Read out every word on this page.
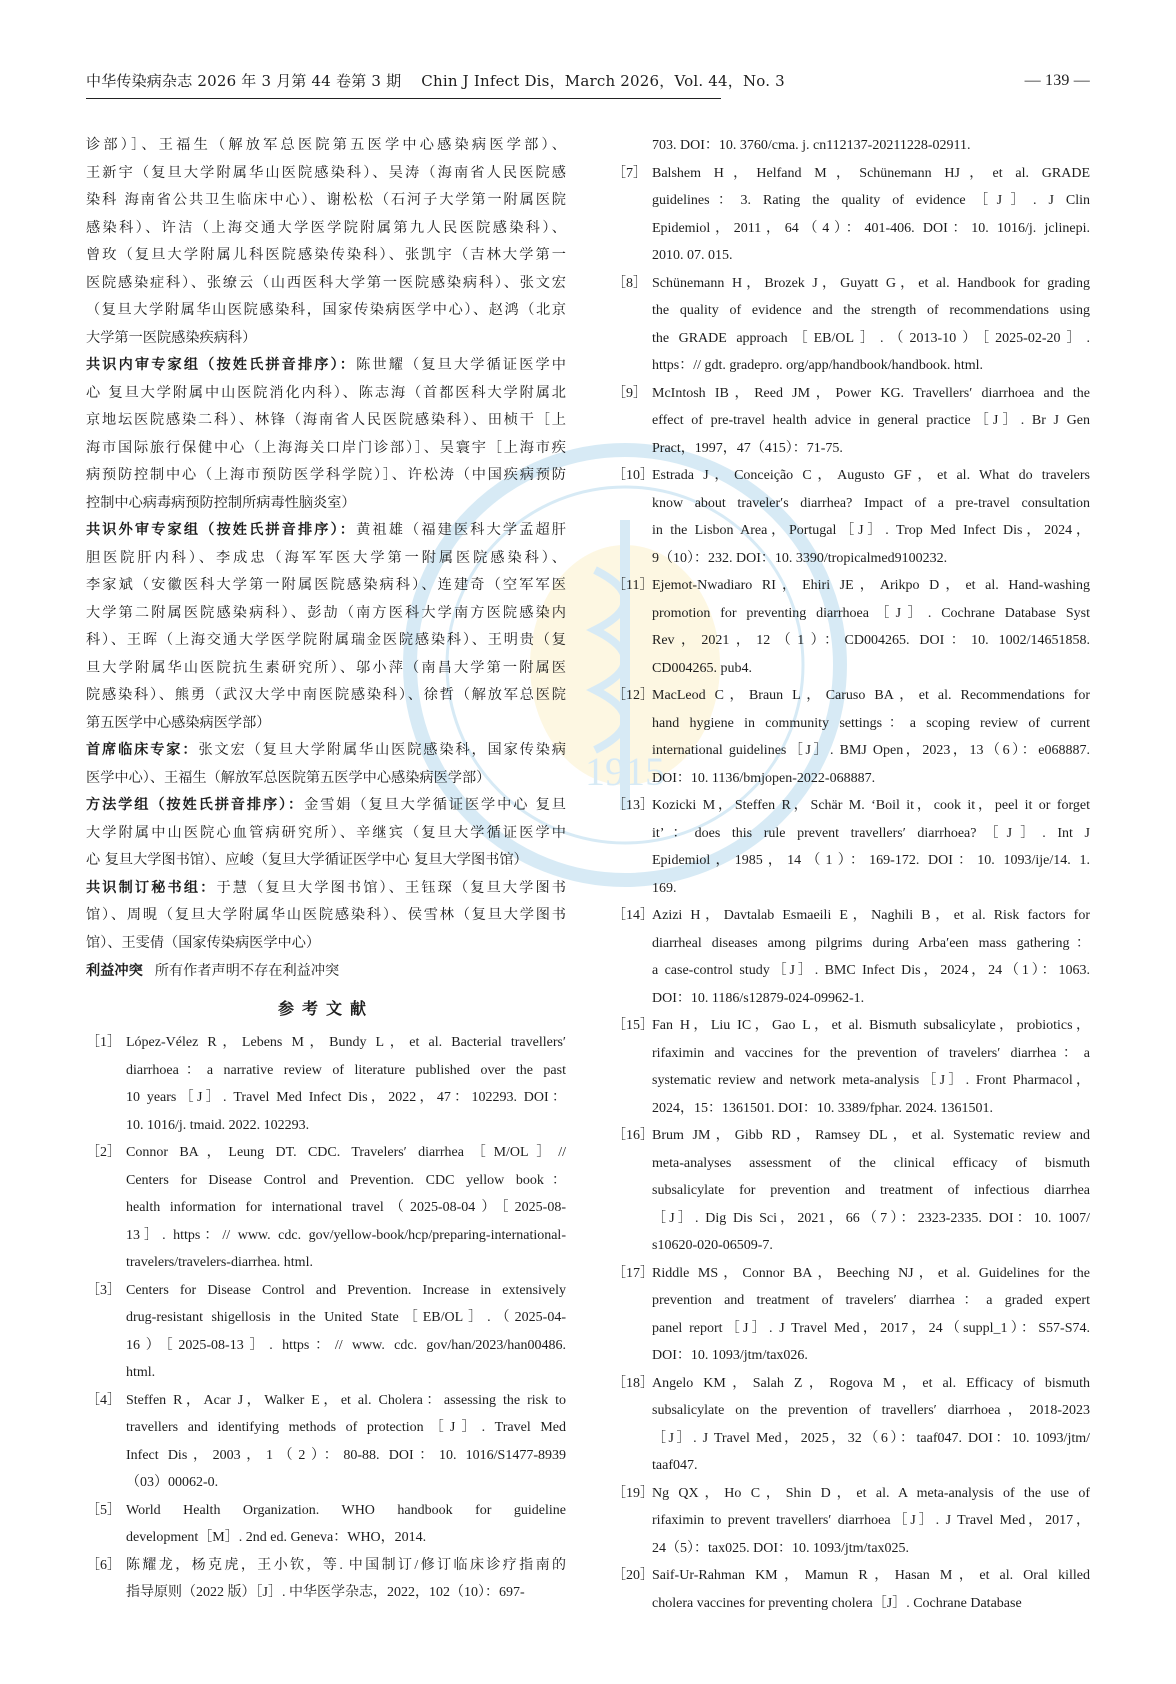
中华传染病杂志 2026 年 3 月第 44 卷第 3 期 Chin J Infect Dis，March 2026，Vol. 44，No. 3	— 139 —
1915
诊部）］、王福生（解放军总医院第五医学中心感染病医学部）、
王新宇（复旦大学附属华山医院感染科）、吴涛（海南省人民医院感
染科 海南省公共卫生临床中心）、谢松松（石河子大学第一附属医院
感染科）、许洁（上海交通大学医学院附属第九人民医院感染科）、
曾玫（复旦大学附属儿科医院感染传染科）、张凯宇（吉林大学第一
医院感染症科）、张缭云（山西医科大学第一医院感染病科）、张文宏
（复旦大学附属华山医院感染科，国家传染病医学中心）、赵鸿（北京
大学第一医院感染疾病科）
共识内审专家组（按姓氏拼音排序）：陈世耀（复旦大学循证医学中
心 复旦大学附属中山医院消化内科）、陈志海（首都医科大学附属北
京地坛医院感染二科）、林锋（海南省人民医院感染科）、田桢干［上
海市国际旅行保健中心（上海海关口岸门诊部）］、吴寰宇［上海市疾
病预防控制中心（上海市预防医学科学院）］、许松涛（中国疾病预防
控制中心病毒病预防控制所病毒性脑炎室）
共识外审专家组（按姓氏拼音排序）：黄祖雄（福建医科大学孟超肝
胆医院肝内科）、李成忠（海军军医大学第一附属医院感染科）、
李家斌（安徽医科大学第一附属医院感染病科）、连建奇（空军军医
大学第二附属医院感染病科）、彭劼（南方医科大学南方医院感染内
科）、王晖（上海交通大学医学院附属瑞金医院感染科）、王明贵（复
旦大学附属华山医院抗生素研究所）、邬小萍（南昌大学第一附属医
院感染科）、熊勇（武汉大学中南医院感染科）、徐哲（解放军总医院
第五医学中心感染病医学部）
首席临床专家：张文宏（复旦大学附属华山医院感染科，国家传染病
医学中心）、王福生（解放军总医院第五医学中心感染病医学部）
方法学组（按姓氏拼音排序）：金雪娟（复旦大学循证医学中心 复旦
大学附属中山医院心血管病研究所）、辛继宾（复旦大学循证医学中
心 复旦大学图书馆）、应峻（复旦大学循证医学中心 复旦大学图书馆）
共识制订秘书组：于慧（复旦大学图书馆）、王钰琛（复旦大学图书
馆）、周晛（复旦大学附属华山医院感染科）、侯雪林（复旦大学图书
馆）、王雯倩（国家传染病医学中心）
利益冲突 所有作者声明不存在利益冲突
参考文献
［1］ López-Vélez R，Lebens M，Bundy L，et al. Bacterial travellers′
diarrhoea：a narrative review of literature published over the past
10 years［J］. Travel Med Infect Dis，2022，47：102293. DOI：
10. 1016/j. tmaid. 2022. 102293.
［2］ Connor BA，Leung DT. CDC. Travelers′ diarrhea［M/OL］//
Centers for Disease Control and Prevention. CDC yellow book：
health information for international travel（2025-08-04）［2025-08-
13］. https：// www. cdc. gov/yellow-book/hcp/preparing-international-
travelers/travelers-diarrhea. html.
［3］ Centers for Disease Control and Prevention. Increase in extensively
drug-resistant shigellosis in the United State［EB/OL］.（2025-04-
16）［2025-08-13］. https：// www. cdc. gov/han/2023/han00486.
html.
［4］ Steffen R，Acar J，Walker E，et al. Cholera：assessing the risk to
travellers and identifying methods of protection［J］. Travel Med
Infect Dis，2003，1（2）：80-88. DOI：10. 1016/S1477-8939
（03）00062-0.
［5］ World Health Organization. WHO handbook for guideline
development［M］. 2nd ed. Geneva：WHO，2014.
［6］ 陈耀龙，杨克虎，王小钦，等. 中国制订/修订临床诊疗指南的
指导原则（2022 版）［J］. 中华医学杂志，2022，102（10）：697-
703. DOI：10. 3760/cma. j. cn112137-20211228-02911.
［7］ Balshem H，Helfand M，Schünemann HJ，et al. GRADE
guidelines：3. Rating the quality of evidence［J］. J Clin
Epidemiol，2011，64（4）：401-406. DOI：10. 1016/j. jclinepi.
2010. 07. 015.
［8］ Schünemann H，Brozek J，Guyatt G，et al. Handbook for grading
the quality of evidence and the strength of recommendations using
the GRADE approach［EB/OL］.（2013-10）［2025-02-20］.
https：// gdt. gradepro. org/app/handbook/handbook. html.
［9］ McIntosh IB，Reed JM，Power KG. Travellers′ diarrhoea and the
effect of pre-travel health advice in general practice［J］. Br J Gen
Pract，1997，47（415）：71-75.
［10］
Estrada J，Conceição C，Augusto GF，et al. What do travelers
know about traveler′s diarrhea? Impact of a pre-travel consultation
in the Lisbon Area，Portugal［J］. Trop Med Infect Dis，2024，
9（10）：232. DOI：10. 3390/tropicalmed9100232.
［11］
Ejemot-Nwadiaro RI，Ehiri JE，Arikpo D，et al. Hand-washing
promotion for preventing diarrhoea［J］. Cochrane Database Syst
Rev，2021，12（1）：CD004265. DOI：10. 1002/14651858.
CD004265. pub4.
［12］
MacLeod C，Braun L，Caruso BA，et al. Recommendations for
hand hygiene in community settings：a scoping review of current
international guidelines［J］. BMJ Open，2023，13（6）：e068887.
DOI：10. 1136/bmjopen-2022-068887.
［13］
Kozicki M，Steffen R，Schär M. ‘Boil it，cook it，peel it or forget
it’：does this rule prevent travellers′ diarrhoea?［J］. Int J
Epidemiol，1985，14（1）：169-172. DOI：10. 1093/ije/14. 1.
169.
［14］
Azizi H，Davtalab Esmaeili E，Naghili B，et al. Risk factors for
diarrheal diseases among pilgrims during Arba′een mass gathering：
a case-control study［J］. BMC Infect Dis，2024，24（1）：1063.
DOI：10. 1186/s12879-024-09962-1.
［15］
Fan H，Liu IC，Gao L，et al. Bismuth subsalicylate，probiotics，
rifaximin and vaccines for the prevention of travelers′ diarrhea：a
systematic review and network meta-analysis［J］. Front Pharmacol，
2024，15：1361501. DOI：10. 3389/fphar. 2024. 1361501.
［16］
Brum JM，Gibb RD，Ramsey DL，et al. Systematic review and
meta-analyses assessment of the clinical efficacy of bismuth
subsalicylate for prevention and treatment of infectious diarrhea
［J］. Dig Dis Sci，2021，66（7）：2323-2335. DOI：10. 1007/
s10620-020-06509-7.
［17］
Riddle MS，Connor BA，Beeching NJ，et al. Guidelines for the
prevention and treatment of travelers′ diarrhea：a graded expert
panel report［J］. J Travel Med，2017，24（suppl_1）：S57-S74.
DOI：10. 1093/jtm/tax026.
［18］
Angelo KM，Salah Z，Rogova M，et al. Efficacy of bismuth
subsalicylate on the prevention of travellers′ diarrhoea，2018-2023
［J］. J Travel Med，2025，32（6）：taaf047. DOI：10. 1093/jtm/
taaf047.
［19］
Ng QX，Ho C，Shin D，et al. A meta-analysis of the use of
rifaximin to prevent travellers′ diarrhoea［J］. J Travel Med，2017，
24（5）：tax025. DOI：10. 1093/jtm/tax025.
［20］
Saif-Ur-Rahman KM，Mamun R，Hasan M，et al. Oral killed
cholera vaccines for preventing cholera［J］. Cochrane Database
